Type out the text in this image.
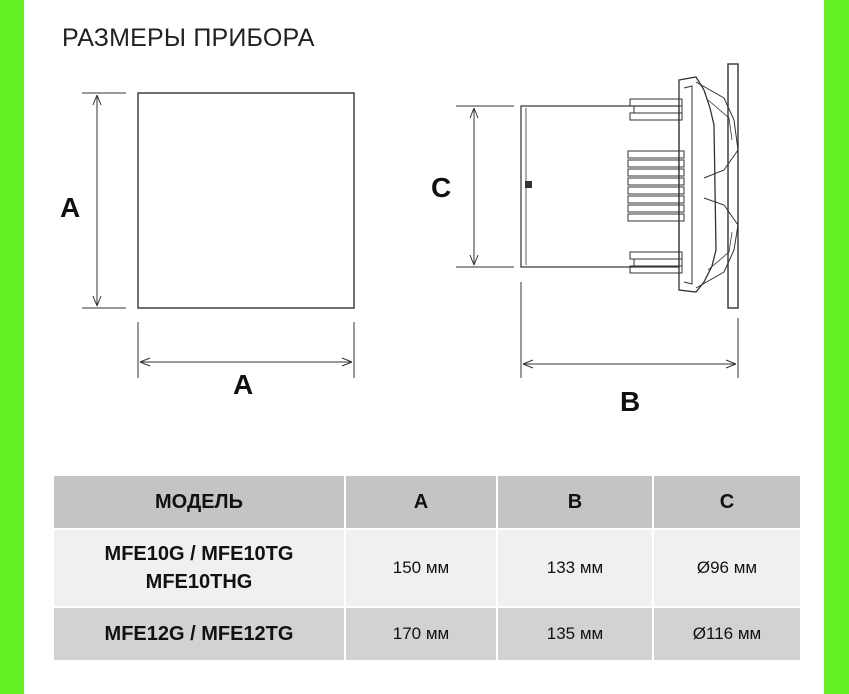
РАЗМЕРЫ ПРИБОРА
A
A
C
B
МОДЕЛЬ	A	B	C

MFE10G / MFE10TG
MFE10THG	150 мм	133 мм	Ø96 мм

MFE12G / MFE12TG	170 мм	135 мм	Ø116 мм
